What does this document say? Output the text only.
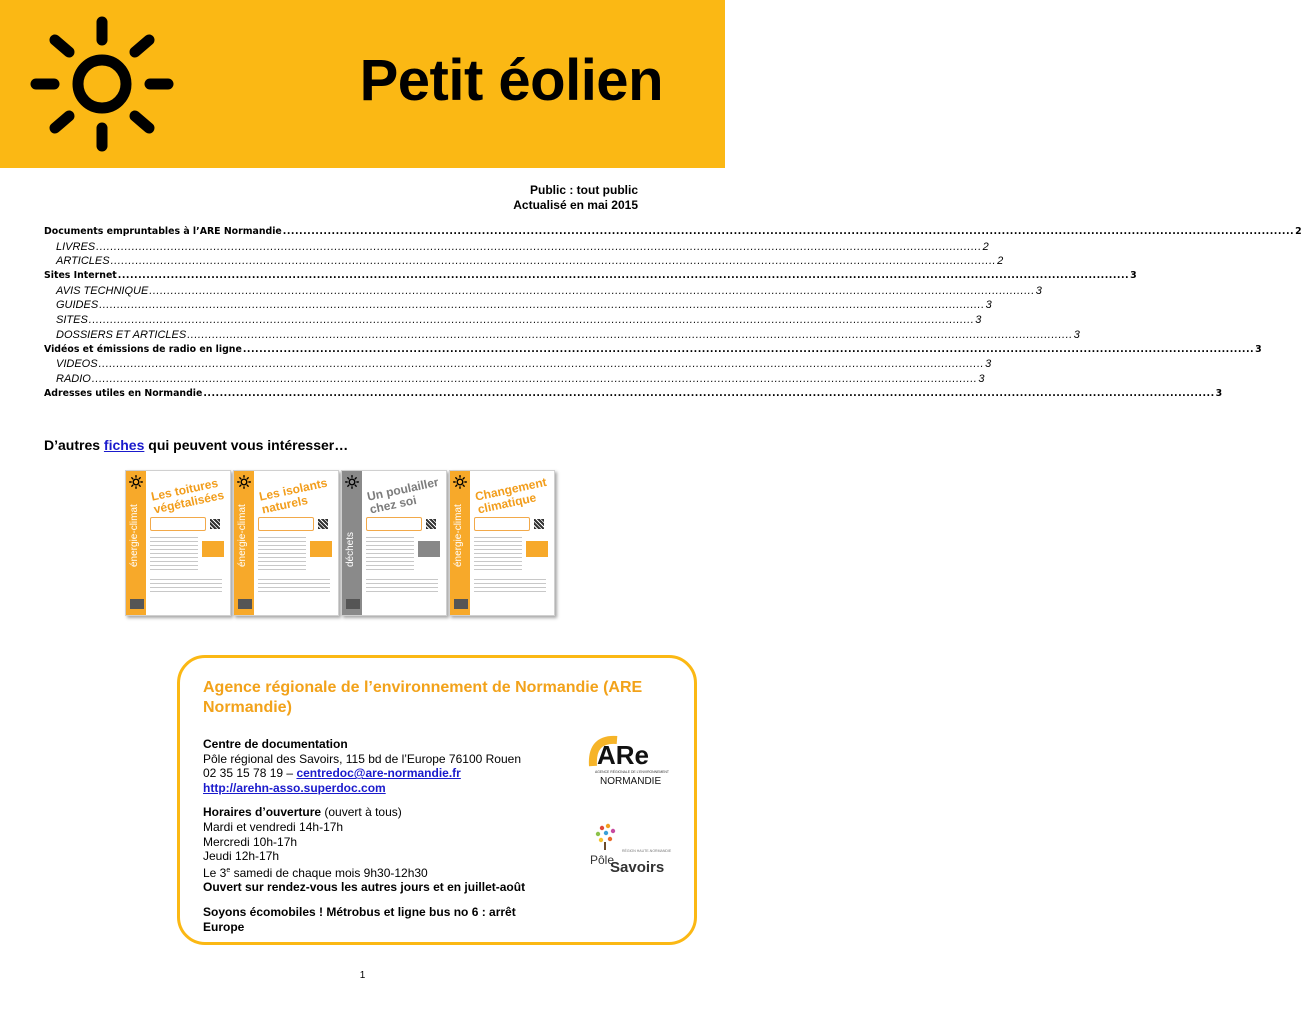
Petit éolien
Public : tout public
Actualisé en mai 2015
Documents empruntables à l’ARE Normandie .....	2
LIVRES .....	2
ARTICLES .....	2
Sites Internet .....	3
AVIS TECHNIQUE .....	3
GUIDES .....	3
SITES .....	3
DOSSIERS ET ARTICLES .....	3
Vidéos et émissions de radio en ligne .....	3
VIDEOS .....	3
RADIO .....	3
Adresses utiles en Normandie .....	3
D’autres fiches qui peuvent vous intéresser…
énergie-climat
Les toitures végétalisées
énergie-climat
Les isolants naturels
déchets
Un poulailler chez soi	énergie-climat
Changement climatique
Agence régionale de l’environnement de Normandie (ARE Normandie)
Centre de documentation
Pôle régional des Savoirs, 115 bd de l’Europe 76100 Rouen
02 35 15 78 19 – centredoc@are-normandie.fr
http://arehn-asso.superdoc.com
Horaires d’ouverture (ouvert à tous)
Mardi et vendredi 14h-17h
Mercredi 10h-17h
Jeudi 12h-17h
Le 3e samedi de chaque mois 9h30-12h30
Ouvert sur rendez-vous les autres jours et en juillet-août
Soyons écomobiles ! Métrobus et ligne bus no 6 : arrêt Europe
ARe
AGENCE RÉGIONALE DE L'ENVIRONNEMENT
NORMANDIE
Pôle
Savoirs
RÉGION HAUTE-NORMANDIE
1
